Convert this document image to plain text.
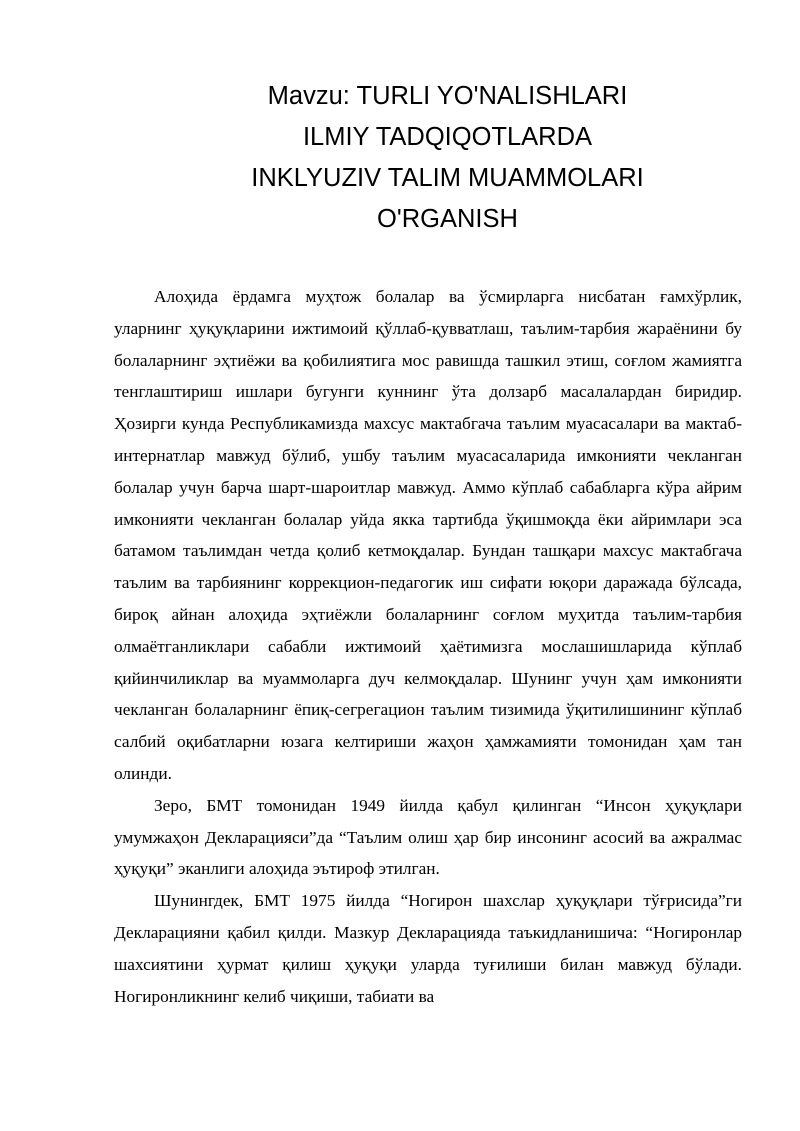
Mavzu: TURLI YO'NALISHLARI
ILMIY TADQIQOTLARDA
INKLYUZIV TALIM MUAMMOLARI
O'RGANISH

Алоҳида ёрдамга муҳтож болалар ва ўсмирларга нисбатан ғамхўрлик, уларнинг ҳуқуқларини ижтимоий қўллаб-қувватлаш, таълим-тарбия жараёнини бу болаларнинг эҳтиёжи ва қобилиятига мос равишда ташкил этиш, соғлом жамиятга тенглаштириш ишлари бугунги куннинг ўта долзарб масалалардан биридир. Ҳозирги кунда Республикамизда махсус мактабгача таълим муасасалари ва мактаб-интернатлар мавжуд бўлиб, ушбу таълим муасасаларида имконияти чекланган болалар учун барча шарт-шароитлар мавжуд. Аммо кўплаб сабабларга кўра айрим имконияти чекланган болалар уйда якка тартибда ўқишмоқда ёки айримлари эса батамом таълимдан четда қолиб кетмоқдалар. Бундан ташқари махсус мактабгача таълим ва тарбиянинг коррекцион-педагогик иш сифати юқори даражада бўлсада, бироқ айнан алоҳида эҳтиёжли болаларнинг соғлом муҳитда таълим-тарбия олмаётганликлари сабабли ижтимоий ҳаётимизга мослашишларида кўплаб қийинчиликлар ва муаммоларга дуч келмоқдалар. Шунинг учун ҳам имконияти чекланган болаларнинг ёпиқ-сегрегацион таълим тизимида ўқитилишининг кўплаб салбий оқибатларни юзага келтириши жаҳон ҳамжамияти томонидан ҳам тан олинди.

Зеро, БМТ томонидан 1949 йилда қабул қилинган “Инсон ҳуқуқлари умумжаҳон Декларацияси”да “Таълим олиш ҳар бир инсонинг асосий ва ажралмас ҳуқуқи” эканлиги алоҳида эътироф этилган.

Шунингдек, БМТ 1975 йилда “Ногирон шахслар ҳуқуқлари тўғрисида”ги Декларацияни қабил қилди. Мазкур Декларацияда таъкидланишича: “Ногиронлар шахсиятини ҳурмат қилиш ҳуқуқи уларда туғилиши билан мавжуд бўлади. Ногиронликнинг келиб чиқиши, табиати ва
